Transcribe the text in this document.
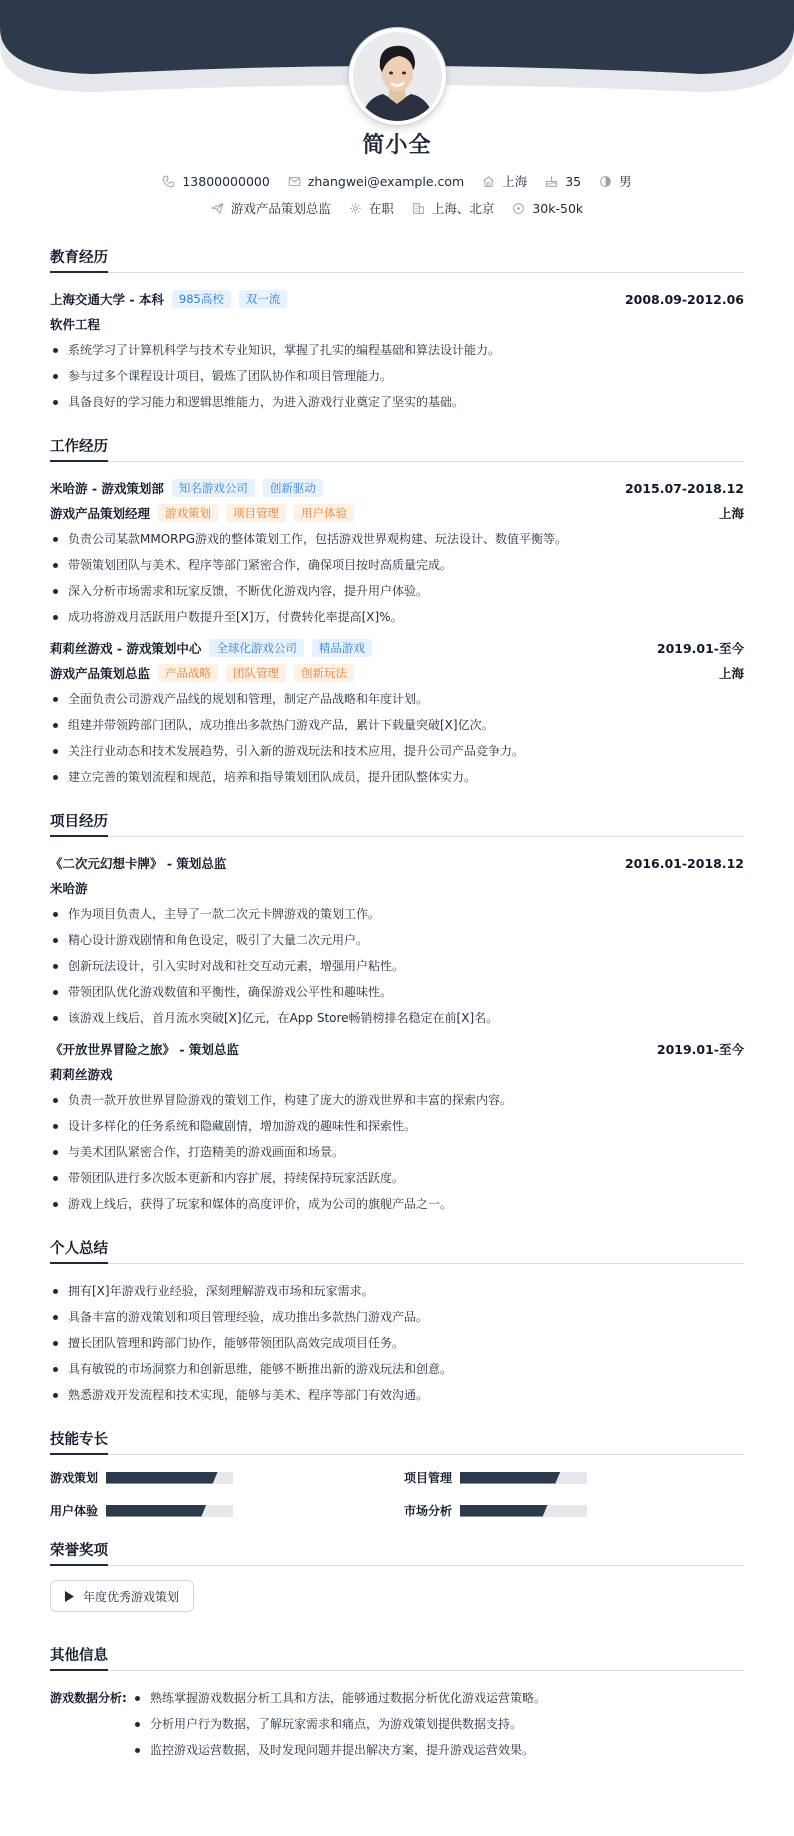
简小全
13800000000	zhangwei@example.com	上海	35	男
游戏产品策划总监	在职	上海、北京	30k-50k
教育经历
上海交通大学 - 本科	985高校	双一流	2008.09-2012.06
软件工程
系统学习了计算机科学与技术专业知识，掌握了扎实的编程基础和算法设计能力。
参与过多个课程设计项目，锻炼了团队协作和项目管理能力。
具备良好的学习能力和逻辑思维能力，为进入游戏行业奠定了坚实的基础。
工作经历
米哈游 - 游戏策划部	知名游戏公司	创新驱动	2015.07-2018.12
游戏产品策划经理	游戏策划	项目管理	用户体验	上海
负责公司某款MMORPG游戏的整体策划工作，包括游戏世界观构建、玩法设计、数值平衡等。
带领策划团队与美术、程序等部门紧密合作，确保项目按时高质量完成。
深入分析市场需求和玩家反馈，不断优化游戏内容，提升用户体验。
成功将游戏月活跃用户数提升至[X]万，付费转化率提高[X]%。
莉莉丝游戏 - 游戏策划中心	全球化游戏公司	精品游戏	2019.01-至今
游戏产品策划总监	产品战略	团队管理	创新玩法	上海
全面负责公司游戏产品线的规划和管理，制定产品战略和年度计划。
组建并带领跨部门团队，成功推出多款热门游戏产品，累计下载量突破[X]亿次。
关注行业动态和技术发展趋势，引入新的游戏玩法和技术应用，提升公司产品竞争力。
建立完善的策划流程和规范，培养和指导策划团队成员，提升团队整体实力。
项目经历
《二次元幻想卡牌》 - 策划总监	2016.01-2018.12
米哈游
作为项目负责人，主导了一款二次元卡牌游戏的策划工作。
精心设计游戏剧情和角色设定，吸引了大量二次元用户。
创新玩法设计，引入实时对战和社交互动元素，增强用户粘性。
带领团队优化游戏数值和平衡性，确保游戏公平性和趣味性。
该游戏上线后，首月流水突破[X]亿元，在App Store畅销榜排名稳定在前[X]名。
《开放世界冒险之旅》 - 策划总监	2019.01-至今
莉莉丝游戏
负责一款开放世界冒险游戏的策划工作，构建了庞大的游戏世界和丰富的探索内容。
设计多样化的任务系统和隐藏剧情，增加游戏的趣味性和探索性。
与美术团队紧密合作，打造精美的游戏画面和场景。
带领团队进行多次版本更新和内容扩展，持续保持玩家活跃度。
游戏上线后，获得了玩家和媒体的高度评价，成为公司的旗舰产品之一。
个人总结
拥有[X]年游戏行业经验，深刻理解游戏市场和玩家需求。
具备丰富的游戏策划和项目管理经验，成功推出多款热门游戏产品。
擅长团队管理和跨部门协作，能够带领团队高效完成项目任务。
具有敏锐的市场洞察力和创新思维，能够不断推出新的游戏玩法和创意。
熟悉游戏开发流程和技术实现，能够与美术、程序等部门有效沟通。
技能专长
游戏策划	项目管理
用户体验	市场分析
荣誉奖项
年度优秀游戏策划
其他信息
游戏数据分析:	熟练掌握游戏数据分析工具和方法，能够通过数据分析优化游戏运营策略。
分析用户行为数据，了解玩家需求和痛点，为游戏策划提供数据支持。
监控游戏运营数据，及时发现问题并提出解决方案，提升游戏运营效果。
